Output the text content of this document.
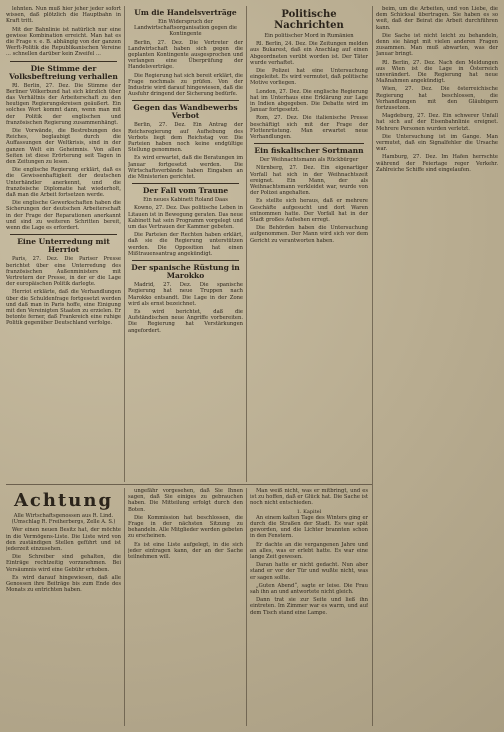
lehnten. Nun muß hier jeher jeder sofort wissen, daß plötzlich die Hauptbahn in Kraft tritt.

Mit der Bahnlinie ist natürlich nur eine gewisse Kombination erreicht. Man hat es die Frage v. e. B. abhängig von der ganzen Werft-Politik die Republikanischen Vereine ... schnellen darüber kein Zweifel ...

Die Stimme der Volksbeftreiung verhallen

Rl. Berlin, 27. Dez. Die Stimme der Berliner Völkerbund hat sich kürzlich über das Verhältnis der Arbeiterschaft zu den heutigen Regierungskreisen geäußert. Ein solches Wort kommt dann, wenn man mit der Politik der englischen und französischen Regierung zusammenhängt.

Die Vorwände, die Bestrebungen des Reiches, beglaubigt durch die Auffassungen der Weltkrisis, sind in der ganzen Welt ein Geheimnis. Von allen Seiten ist diese Erörterung seit Tagen in den Zeitungen zu lesen.

Die englische Regierung erklärt, daß es die Gewissenhaftigkeit der deutschen Unterhändler anerkennt, und die französische Diplomatie hat wiederholt, daß man die Arbeit fortsetzen werde.

Die englische Gewerkschaften haben die Sicherungen der deutschen Arbeiterschaft in der Frage der Reparationen anerkannt und sind zu weiteren Schritten bereit, wenn die Lage es erfordert.

Eine Unterredung mit Herriot

Paris, 27. Dez. Die Pariser Presse berichtet über eine Unterredung des französischen Außenministers mit Vertretern der Presse, in der er die Lage der europäischen Politik darlegte.

Herriot erklärte, daß die Verhandlungen über die Schuldenfrage fortgesetzt werden und daß man in Paris hoffe, eine Einigung mit den Vereinigten Staaten zu erzielen. Er betonte ferner, daß Frankreich eine ruhige Politik gegenüber Deutschland verfolge.

Um die Handelsverträge
Ein Widerspruch der Landwirtschaftsorganisation gegen die Kontingente

Berlin, 27. Dez. Die Vertreter der Landwirtschaft haben sich gegen die geplanten Kontingente ausgesprochen und verlangen eine Überprüfung der Handelsverträge.

Die Regierung hat sich bereit erklärt, die Frage nochmals zu prüfen. Von der Industrie wird darauf hingewiesen, daß die Ausfuhr dringend der Sicherung bedürfe.

Gegen das Wandbewerbs Verbot

Berlin, 27. Dez. Ein Antrag der Reichsregierung auf Aufhebung des Verbots liegt dem Reichstag vor. Die Parteien haben noch keine endgültige Stellung genommen.

Es wird erwartet, daß die Beratungen im Januar fortgesetzt werden. Die Wirtschaftsverbände haben Eingaben an die Ministerien gerichtet.

Der Fall vom Traune
Ein neues Kabinett Roland Daas

Kowno, 27. Dez. Das politische Leben in Litauen ist in Bewegung geraten. Das neue Kabinett hat sein Programm vorgelegt und um das Vertrauen der Kammer gebeten.

Die Parteien der Rechten haben erklärt, daß sie die Regierung unterstützen werden. Die Opposition hat einen Mißtrauensantrag angekündigt.

Der spanische Rüstung in Marokko

Madrid, 27. Dez. Die spanische Regierung hat neue Truppen nach Marokko entsandt. Die Lage in der Zone wird als ernst bezeichnet.

Es wird berichtet, daß die Aufständischen neue Angriffe vorbereiten. Die Regierung hat Verstärkungen angefordert.

Politische Nachrichten
Ein politischer Mord in Rumänien

Rl. Berlin, 24. Dez. Die Zeitungen melden aus Bukarest, daß ein Anschlag auf einen Abgeordneten verübt worden ist. Der Täter wurde verhaftet.

Die Polizei hat eine Untersuchung eingeleitet. Es wird vermutet, daß politische Motive vorliegen.

London, 27. Dez. Die englische Regierung hat im Unterhaus eine Erklärung zur Lage in Indien abgegeben. Die Debatte wird im Januar fortgesetzt.

Rom, 27. Dez. Die italienische Presse beschäftigt sich mit der Frage der Flottenrüstung. Man erwartet neue Verhandlungen.

Ein fiskalischer Sortmann
Der Weihnachtsmann als Rückbürger

Nürnberg, 27. Dez. Ein eigenartiger Vorfall hat sich in der Weihnachtszeit ereignet. Ein Mann, der als Weihnachtsmann verkleidet war, wurde von der Polizei angehalten.

Es stellte sich heraus, daß er mehrere Geschäfte aufgesucht und dort Waren entnommen hatte. Der Vorfall hat in der Stadt großes Aufsehen erregt.

Die Behörden haben die Untersuchung aufgenommen. Der Mann wird sich vor dem Gericht zu verantworten haben.

beim, um die Arbeiten, und von Liebe, die dem Schicksal übertragen. Sie haben es so weit, daß der Beirat die Arbeit durchführen kann.

Die Sache ist nicht leicht zu behandeln, denn sie hängt mit vielen anderen Fragen zusammen. Man muß abwarten, was der Januar bringt.

Rl. Berlin, 27. Dez. Nach den Meldungen aus Wien ist die Lage in Österreich unverändert. Die Regierung hat neue Maßnahmen angekündigt.

Wien, 27. Dez. Die österreichische Regierung hat beschlossen, die Verhandlungen mit den Gläubigern fortzusetzen.

Magdeburg, 27. Dez. Ein schwerer Unfall hat sich auf der Eisenbahnlinie ereignet. Mehrere Personen wurden verletzt.

Die Untersuchung ist im Gange. Man vermutet, daß ein Signalfehler die Ursache war.

Hamburg, 27. Dez. Im Hafen herrschte während der Feiertage reger Verkehr. Zahlreiche Schiffe sind eingelaufen.

Achtung
Alle Wirtschaftsgenossen aus R. Lind. (Umschlag R. Freiherbergs, Zelle A. S.)

Wer einen neuen Besitz hat, der möchte in die Vermögens-Liste. Die Liste wird von den zuständigen Stellen geführt und ist jederzeit einzusehen.

Die Schreiber sind gehalten, die Einträge rechtzeitig vorzunehmen. Bei Versäumnis wird eine Gebühr erhoben.

Es wird darauf hingewiesen, daß alle Genossen ihre Beiträge bis zum Ende des Monats zu entrichten haben.

ungefähr vorgesehen, daß Sie Ihnen sagen, daß Sie einiges zu gebrauchen haben. Die Mitteilung erfolgt durch den Boten.

Die Kommission hat beschlossen, die Frage in der nächsten Sitzung zu behandeln. Alle Mitglieder werden gebeten zu erscheinen.

Es ist eine Liste aufgelegt, in die sich jeder eintragen kann, der an der Sache teilnehmen will.

Man weiß nicht, was er mitbringt, und es ist zu hoffen, daß er Glück hat. Die Sache ist noch nicht entschieden.

1. Kapitel

An einem kalten Tage des Winters ging er durch die Straßen der Stadt. Es war spät geworden, und die Lichter brannten schon in den Fenstern.

Er dachte an die vergangenen Jahre und an alles, was er erlebt hatte. Es war eine lange Zeit gewesen.

Daran hatte er nicht gedacht. Nun aber stand er vor der Tür und wußte nicht, was er sagen sollte.

„Guten Abend“, sagte er leise. Die Frau sah ihn an und antwortete nicht gleich.

Dann trat sie zur Seite und ließ ihn eintreten. Im Zimmer war es warm, und auf dem Tisch stand eine Lampe.
